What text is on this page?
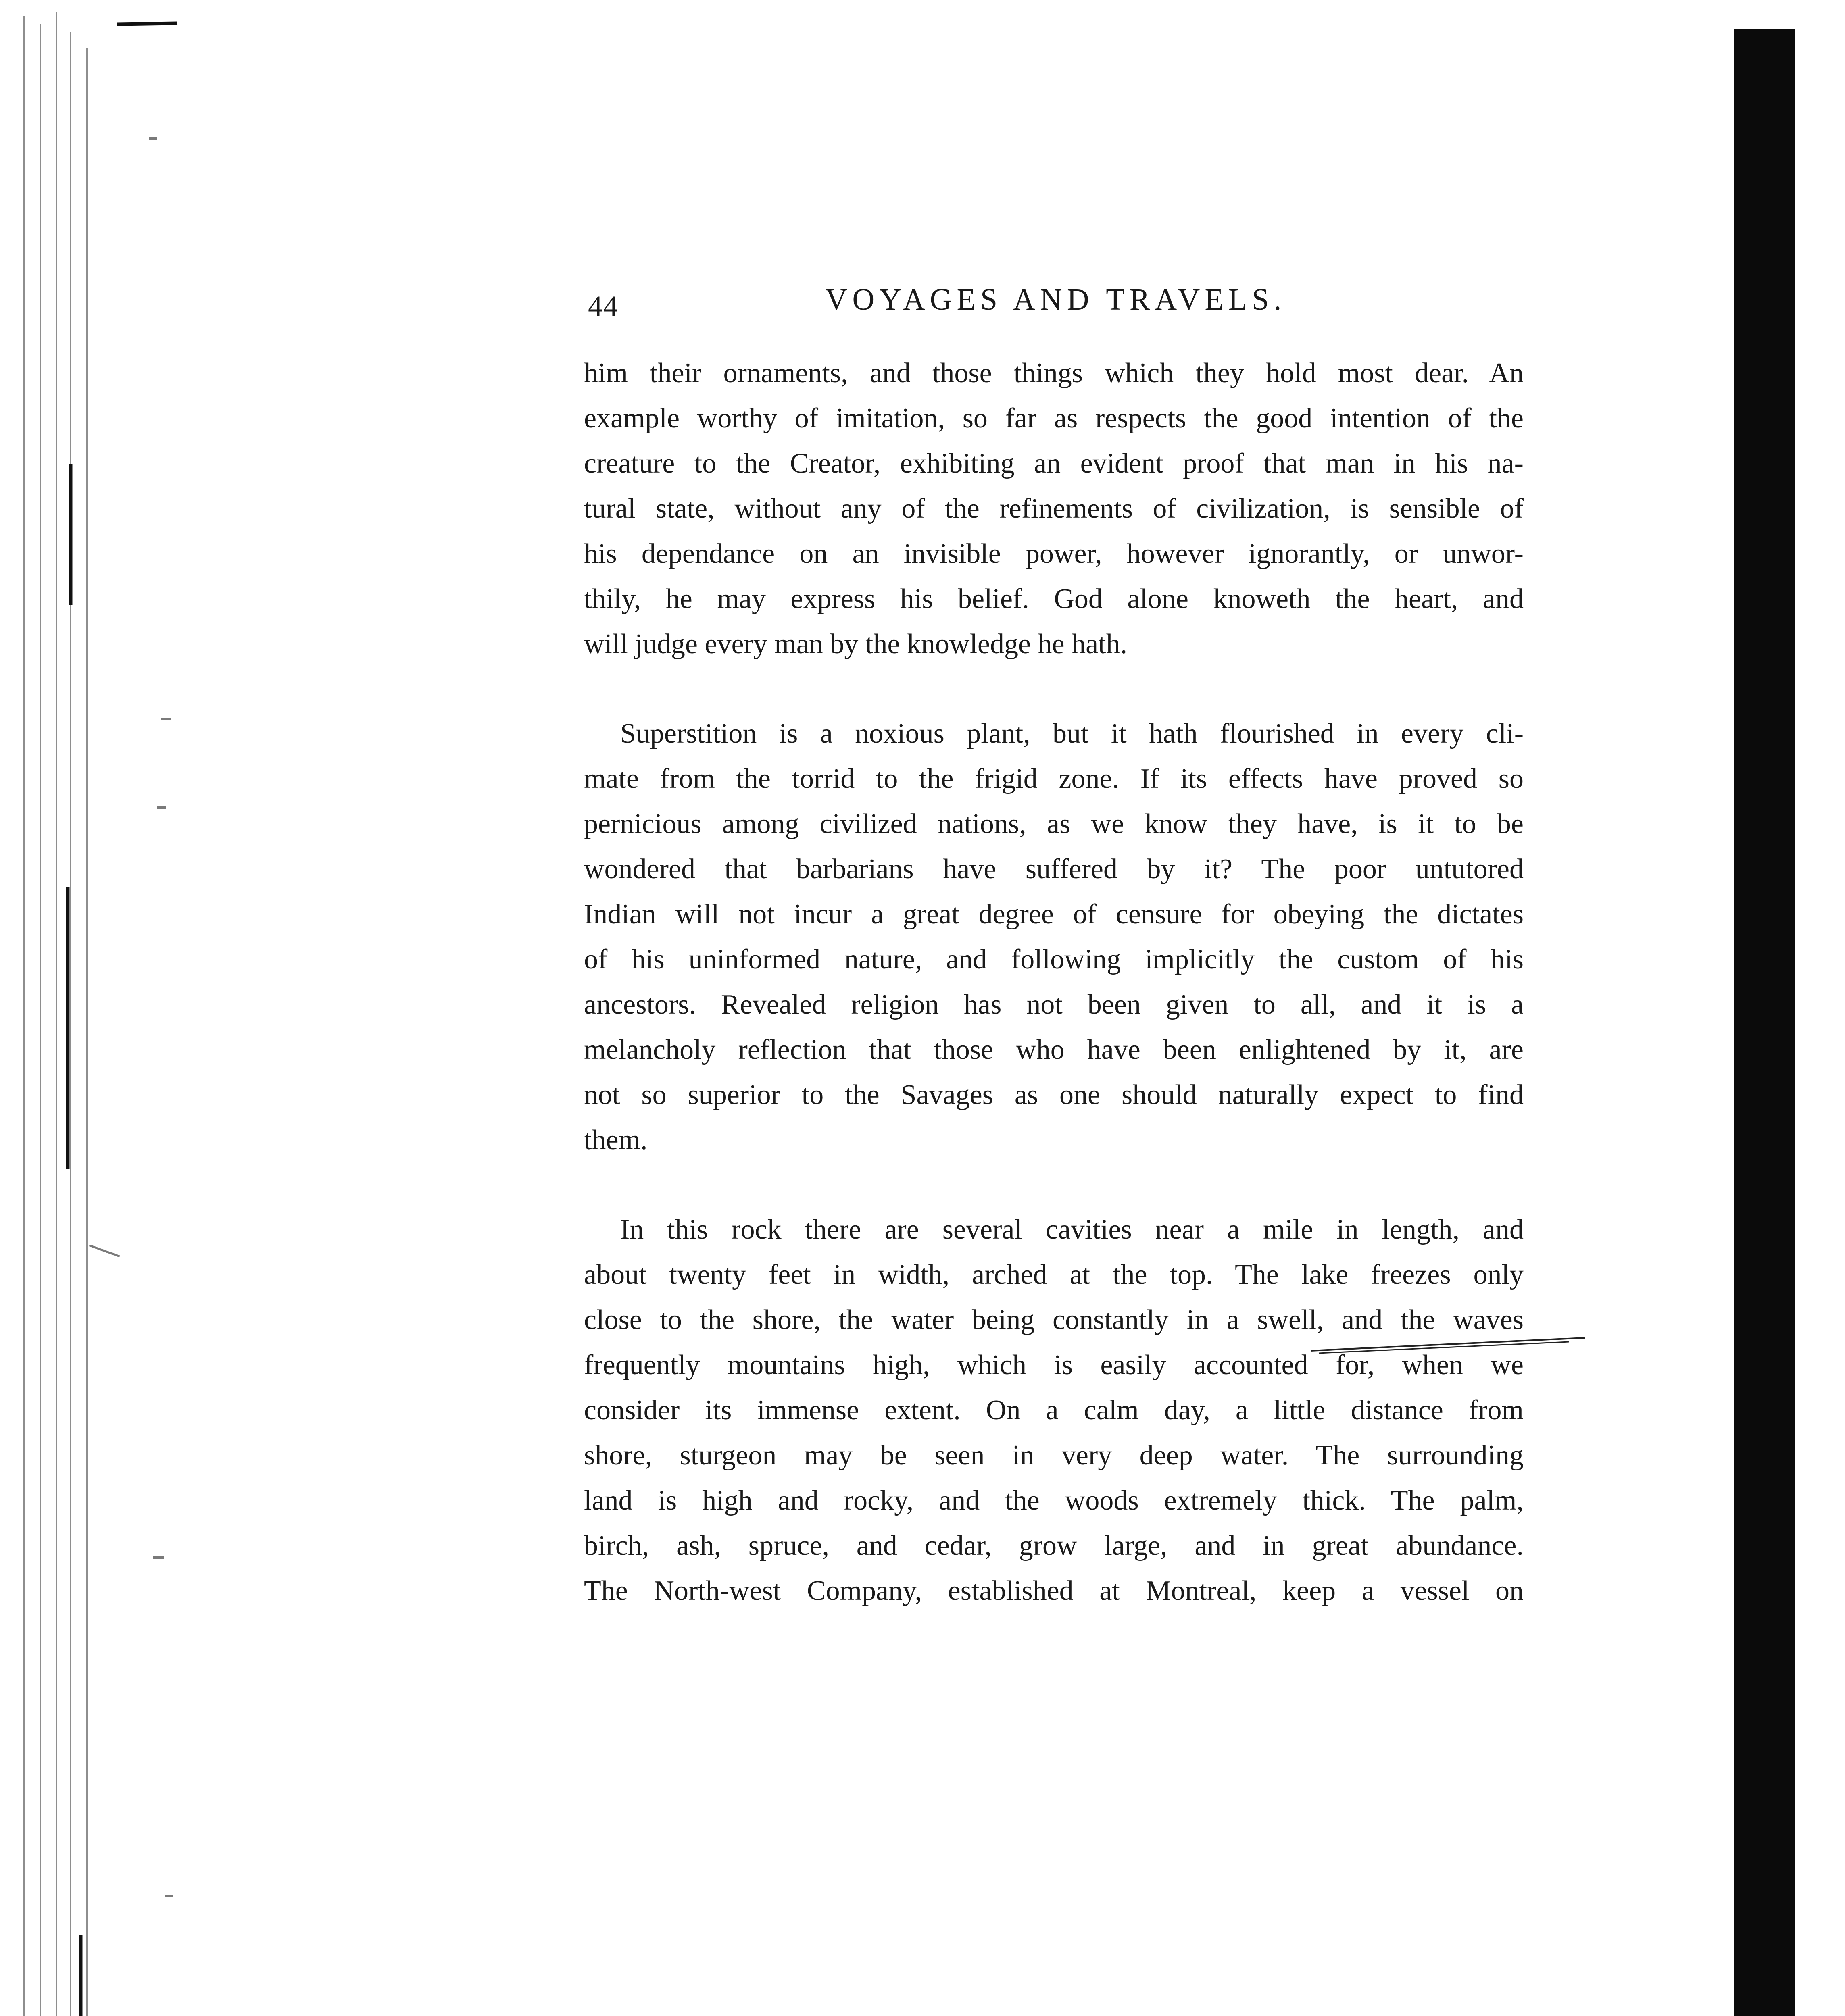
44	VOYAGES AND TRAVELS.
him their ornaments, and those things which they hold most dear. An
example worthy of imitation, so far as respects the good intention of the
creature to the Creator, exhibiting an evident proof that man in his na-
tural state, without any of the refinements of civilization, is sensible of
his dependance on an invisible power, however ignorantly, or unwor-
thily, he may express his belief. God alone knoweth the heart, and
will judge every man by the knowledge he hath.
Superstition is a noxious plant, but it hath flourished in every cli-
mate from the torrid to the frigid zone. If its effects have proved so
pernicious among civilized nations, as we know they have, is it to be
wondered that barbarians have suffered by it? The poor untutored
Indian will not incur a great degree of censure for obeying the dictates
of his uninformed nature, and following implicitly the custom of his
ancestors. Revealed religion has not been given to all, and it is a
melancholy reflection that those who have been enlightened by it, are
not so superior to the Savages as one should naturally expect to find
them.
In this rock there are several cavities near a mile in length, and
about twenty feet in width, arched at the top. The lake freezes only
close to the shore, the water being constantly in a swell, and the waves
frequently mountains high, which is easily accounted for, when we
consider its immense extent. On a calm day, a little distance from
shore, sturgeon may be seen in very deep water. The surrounding
land is high and rocky, and the woods extremely thick. The palm,
birch, ash, spruce, and cedar, grow large, and in great abundance.
The North-west Company, established at Montreal, keep a vessel on
